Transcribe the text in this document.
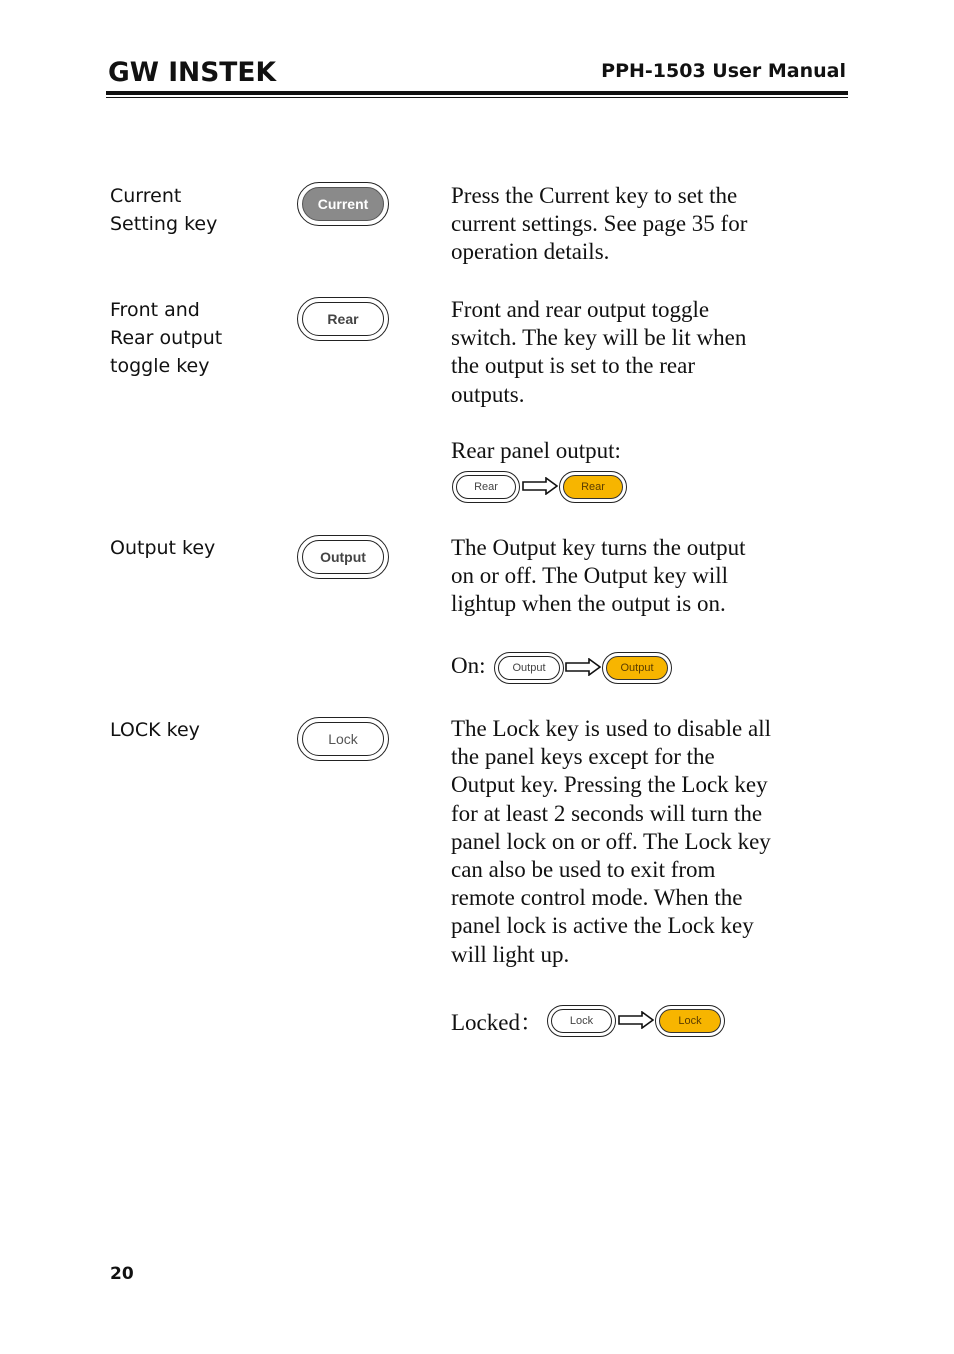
GW INSTEK	PPH-1503 User Manual
Current
Setting key
Current	Press the Current key to set the

current settings. See page 35 for

operation details.

Front and
Rear output
toggle key
Rear	Front and rear output toggle

switch. The key will be lit when

the output is set to the rear

outputs.

Rear panel output:
Rear	Rear
Output key	Output	The Output key turns the output

on or off. The Output key will

lightup when the output is on.

On:	Output	Output
LOCK key	Lock	The Lock key is used to disable all

the panel keys except for the

Output key. Pressing the Lock key

for at least 2 seconds will turn the

panel lock on or off. The Lock key

can also be used to exit from

remote control mode. When the

panel lock is active the Lock key

will light up.

Locked：	Lock	Lock
20
